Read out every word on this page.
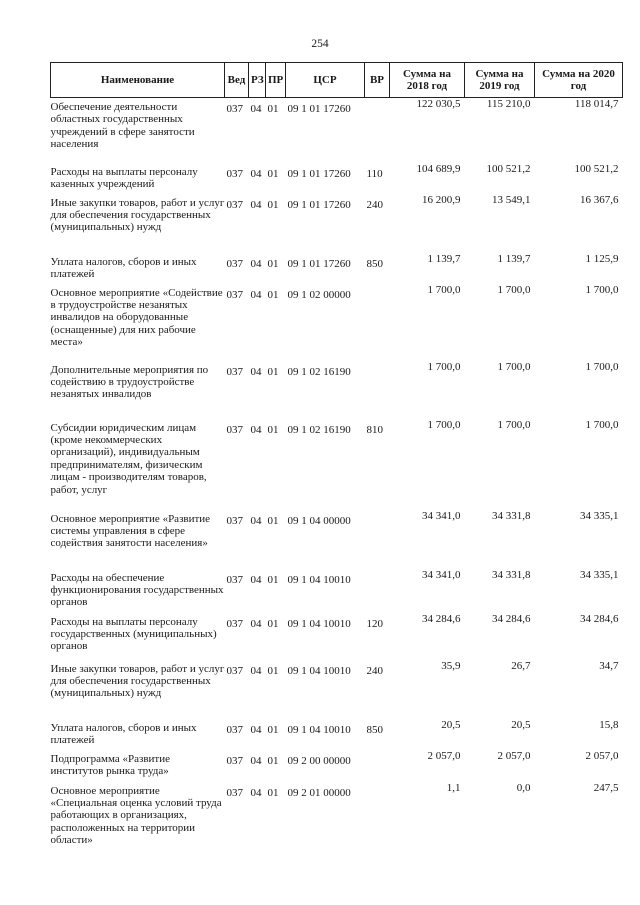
254
Наименование	Вед	РЗ	ПР	ЦСР	ВР	Сумма на 2018 год	Сумма на 2019 год	Сумма на 2020 год
Обеспечение деятельности областных государственных учреждений в сфере занятости населения	037	04	01	09 1 01 17260		122 030,5	115 210,0	118 014,7
Расходы на выплаты персоналу казенных учреждений	037	04	01	09 1 01 17260	110	104 689,9	100 521,2	100 521,2
Иные закупки товаров, работ и услуг для обеспечения государственных (муниципальных) нужд	037	04	01	09 1 01 17260	240	16 200,9	13 549,1	16 367,6
Уплата налогов, сборов и иных платежей	037	04	01	09 1 01 17260	850	1 139,7	1 139,7	1 125,9
Основное мероприятие «Содействие в трудоустройстве незанятых инвалидов на оборудованные (оснащенные) для них рабочие места»	037	04	01	09 1 02 00000		1 700,0	1 700,0	1 700,0
Дополнительные мероприятия по содействию в трудоустройстве незанятых инвалидов	037	04	01	09 1 02 16190		1 700,0	1 700,0	1 700,0
Субсидии юридическим лицам (кроме некоммерческих организаций), индивидуальным предпринимателям, физическим лицам - производителям товаров, работ, услуг	037	04	01	09 1 02 16190	810	1 700,0	1 700,0	1 700,0
Основное мероприятие «Развитие системы управления в сфере содействия занятости населения»	037	04	01	09 1 04 00000		34 341,0	34 331,8	34 335,1
Расходы на обеспечение функционирования государственных органов	037	04	01	09 1 04 10010		34 341,0	34 331,8	34 335,1
Расходы на выплаты персоналу государственных (муниципальных) органов	037	04	01	09 1 04 10010	120	34 284,6	34 284,6	34 284,6
Иные закупки товаров, работ и услуг для обеспечения государственных (муниципальных) нужд	037	04	01	09 1 04 10010	240	35,9	26,7	34,7
Уплата налогов, сборов и иных платежей	037	04	01	09 1 04 10010	850	20,5	20,5	15,8
Подпрограмма «Развитие институтов рынка труда»	037	04	01	09 2 00 00000		2 057,0	2 057,0	2 057,0
Основное мероприятие «Специальная оценка условий труда работающих в организациях, расположенных на территории области»	037	04	01	09 2 01 00000		1,1	0,0	247,5
